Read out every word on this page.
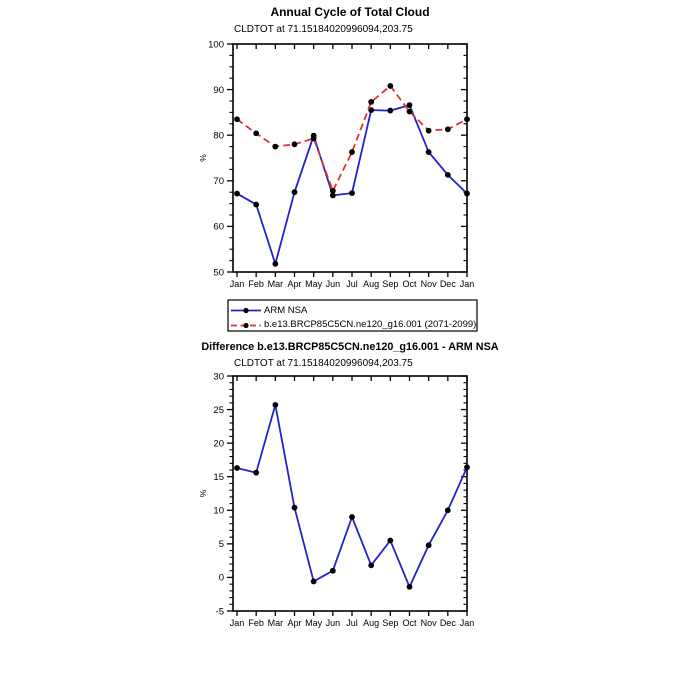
100
90
80
70
60
50
Jan Feb Mar Apr May Jun Jul Aug Sep Oct Nov Dec Jan
%
30
25
20
15
10
5
0
-5
Jan Feb Mar Apr May Jun Jul Aug Sep Oct Nov Dec Jan
%
Annual Cycle of Total Cloud
CLDTOT at 71.15184020996094,203.75
ARM NSA
b.e13.BRCP85C5CN.ne120_g16.001 (2071-2099)
Difference b.e13.BRCP85C5CN.ne120_g16.001 - ARM NSA
CLDTOT at 71.15184020996094,203.75
